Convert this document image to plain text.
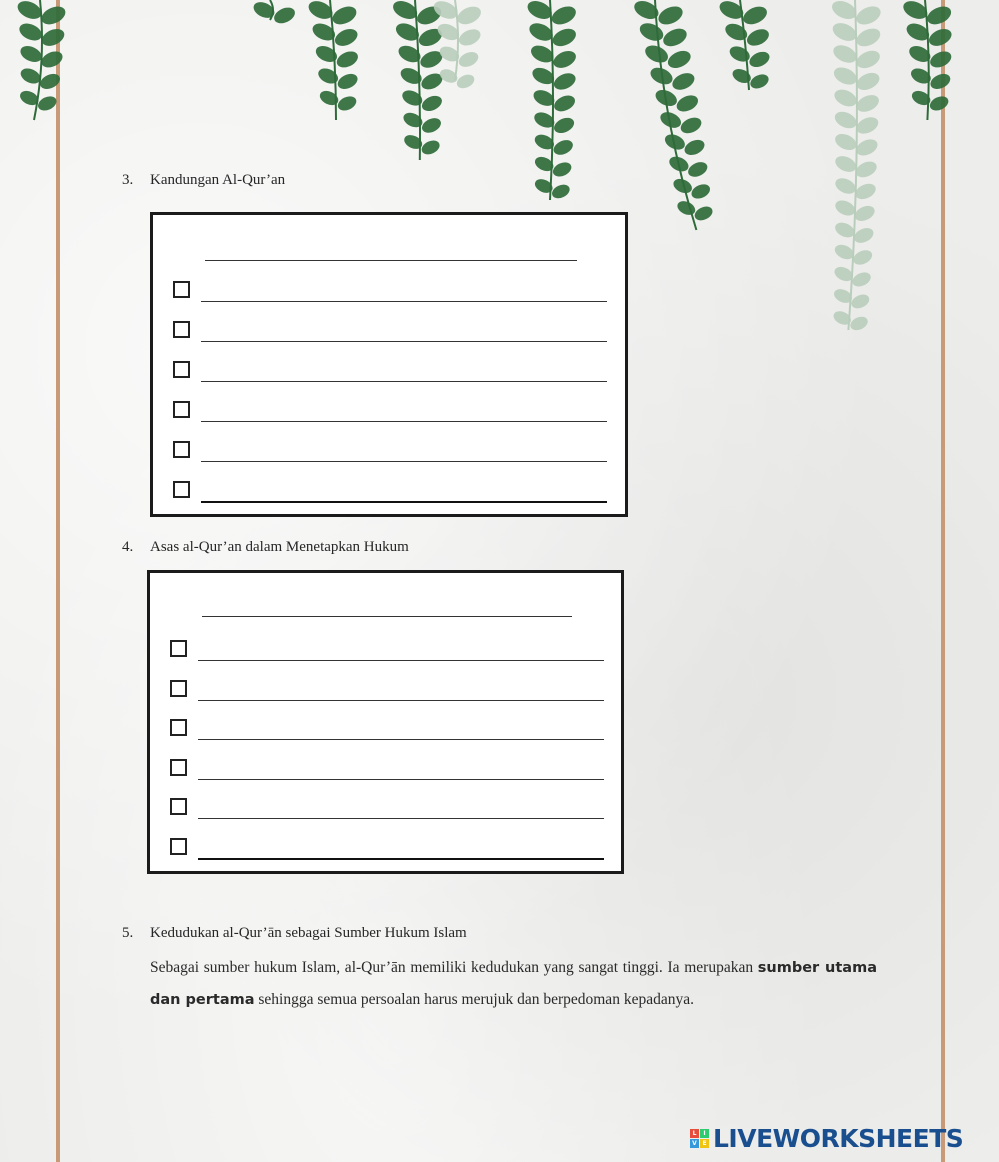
3. Kandungan Al-Qur’an
4. Asas al-Qur’an dalam Menetapkan Hukum
5. Kedudukan al-Qur’ān sebagai Sumber Hukum Islam
Sebagai sumber hukum Islam, al-Qur’ān memiliki kedudukan yang sangat tinggi. Ia merupakan sumber utama dan pertama sehingga semua persoalan harus merujuk dan berpedoman kepadanya.
L	I
V E LIVEWORKSHEETS
